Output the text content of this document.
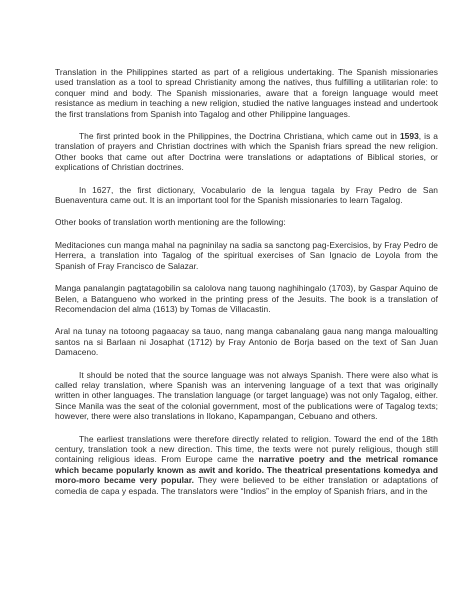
Translation in the Philippines started as part of a religious undertaking. The Spanish missionaries used translation as a tool to spread Christianity among the natives, thus fulfilling a utilitarian role: to conquer mind and body. The Spanish missionaries, aware that a foreign language would meet resistance as medium in teaching a new religion, studied the native languages instead and undertook the first translations from Spanish into Tagalog and other Philippine languages.

The first printed book in the Philippines, the Doctrina Christiana, which came out in 1593, is a translation of prayers and Christian doctrines with which the Spanish friars spread the new religion. Other books that came out after Doctrina were translations or adaptations of Biblical stories, or explications of Christian doctrines.

In 1627, the first dictionary, Vocabulario de la lengua tagala by Fray Pedro de San Buenaventura came out. It is an important tool for the Spanish missionaries to learn Tagalog.

Other books of translation worth mentioning are the following:

Meditaciones cun manga mahal na pagninilay na sadia sa sanctong pag-Exercisios, by Fray Pedro de Herrera, a translation into Tagalog of the spiritual exercises of San Ignacio de Loyola from the Spanish of Fray Francisco de Salazar.

Manga panalangin pagtatagobilin sa calolova nang tauong naghihingalo (1703), by Gaspar Aquino de Belen, a Batangueno who worked in the printing press of the Jesuits. The book is a translation of Recomendacion del alma (1613) by Tomas de Villacastin.

Aral na tunay na totoong pagaacay sa tauo, nang manga cabanalang gaua nang manga maloualting santos na si Barlaan ni Josaphat (1712) by Fray Antonio de Borja based on the text of San Juan Damaceno.

It should be noted that the source language was not always Spanish. There were also what is called relay translation, where Spanish was an intervening language of a text that was originally written in other languages. The translation language (or target language) was not only Tagalog, either. Since Manila was the seat of the colonial government, most of the publications were of Tagalog texts; however, there were also translations in Ilokano, Kapampangan, Cebuano and others.

The earliest translations were therefore directly related to religion. Toward the end of the 18th century, translation took a new direction. This time, the texts were not purely religious, though still containing religious ideas. From Europe came the narrative poetry and the metrical romance which became popularly known as awit and korido. The theatrical presentations komedya and moro-moro became very popular. They were believed to be either translation or adaptations of comedia de capa y espada. The translators were “Indios” in the employ of Spanish friars, and in the
